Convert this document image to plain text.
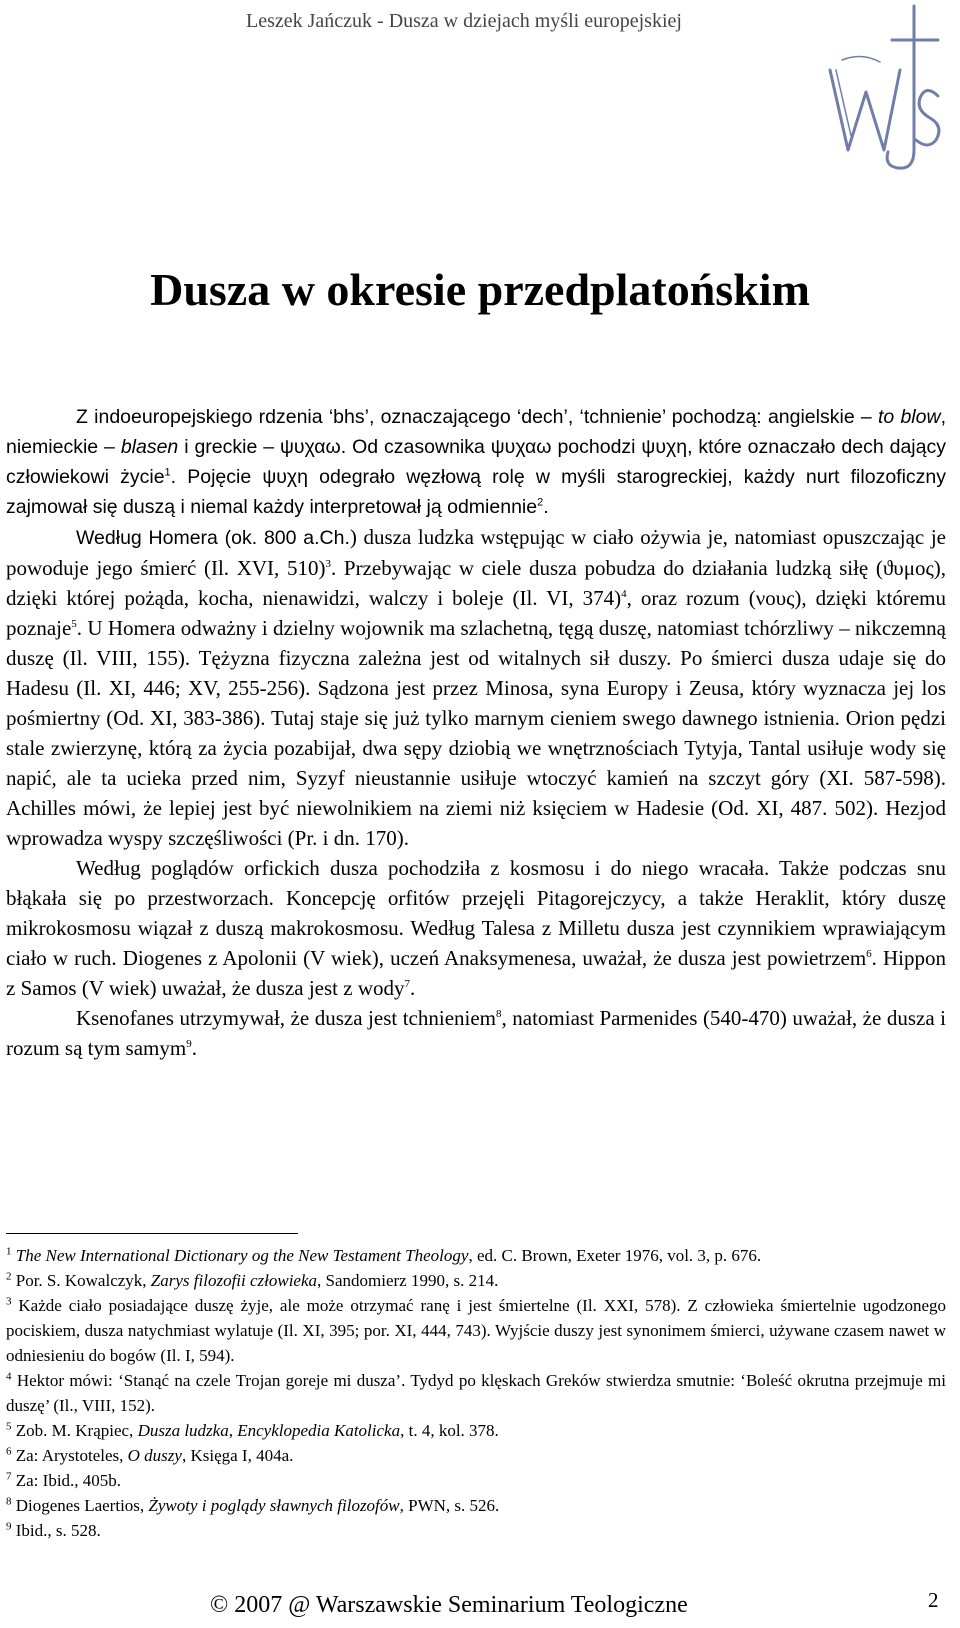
Leszek Jańczuk - Dusza w dziejach myśli europejskiej
Dusza w okresie przedplatońskim

Z indoeuropejskiego rdzenia ‘bhs’, oznaczającego ‘dech’, ‘tchnienie’ pochodzą: angielskie – to blow, niemieckie – blasen i greckie – ψυχαω. Od czasownika ψυχαω pochodzi ψυχη, które oznaczało dech dający człowiekowi życie$^1$. Pojęcie ψυχη odegrało węzłową rolę w myśli starogreckiej, każdy nurt filozoficzny zajmował się duszą i niemal każdy interpretował ją odmiennie$^2$.

Według Homera (ok. 800 a.Ch.) dusza ludzka wstępując w ciało ożywia je, natomiast opuszczając je powoduje jego śmierć (Il. XVI, 510)$^3$. Przebywając w ciele dusza pobudza do działania ludzką siłę (ϑυμος), dzięki której pożąda, kocha, nienawidzi, walczy i boleje (Il. VI, 374)$^4$, oraz rozum (νους), dzięki któremu poznaje$^5$. U Homera odważny i dzielny wojownik ma szlachetną, tęgą duszę, natomiast tchórzliwy – nikczemną duszę (Il. VIII, 155). Tężyzna fizyczna zależna jest od witalnych sił duszy. Po śmierci dusza udaje się do Hadesu (Il. XI, 446; XV, 255-256). Sądzona jest przez Minosa, syna Europy i Zeusa, który wyznacza jej los pośmiertny (Od. XI, 383-386). Tutaj staje się już tylko marnym cieniem swego dawnego istnienia. Orion pędzi stale zwierzynę, którą za życia pozabijał, dwa sępy dziobią we wnętrznościach Tytyja, Tantal usiłuje wody się napić, ale ta ucieka przed nim, Syzyf nieustannie usiłuje wtoczyć kamień na szczyt góry (XI. 587-598). Achilles mówi, że lepiej jest być niewolnikiem na ziemi niż księciem w Hadesie (Od. XI, 487. 502). Hezjod wprowadza wyspy szczęśliwości (Pr. i dn. 170).

Według poglądów orfickich dusza pochodziła z kosmosu i do niego wracała. Także podczas snu błąkała się po przestworzach. Koncepcję orfitów przejęli Pitagorejczycy, a także Heraklit, który duszę mikrokosmosu wiązał z duszą makrokosmosu. Według Talesa z Milletu dusza jest czynnikiem wprawiającym ciało w ruch. Diogenes z Apolonii (V wiek), uczeń Anaksymenesa, uważał, że dusza jest powietrzem$^6$. Hippon z Samos (V wiek) uważał, że dusza jest z wody$^7$.

Ksenofanes utrzymywał, że dusza jest tchnieniem$^8$, natomiast Parmenides (540-470) uważał, że dusza i rozum są tym samym$^9$.

$^1$ The New International Dictionary og the New Testament Theology, ed. C. Brown, Exeter 1976, vol. 3, p. 676.

$^2$ Por. S. Kowalczyk, Zarys filozofii człowieka, Sandomierz 1990, s. 214.

$^3$ Każde ciało posiadające duszę żyje, ale może otrzymać ranę i jest śmiertelne (Il. XXI, 578). Z człowieka śmiertelnie ugodzonego pociskiem, dusza natychmiast wylatuje (Il. XI, 395; por. XI, 444, 743). Wyjście duszy jest synonimem śmierci, używane czasem nawet w odniesieniu do bogów (Il. I, 594).

$^4$ Hektor mówi: ‘Stanąć na czele Trojan goreje mi dusza’. Tydyd po klęskach Greków stwierdza smutnie: ‘Boleść okrutna przejmuje mi duszę’ (Il., VIII, 152).

$^5$ Zob. M. Krąpiec, Dusza ludzka, Encyklopedia Katolicka, t. 4, kol. 378.

$^6$ Za: Arystoteles, O duszy, Księga I, 404a.

$^7$ Za: Ibid., 405b.

$^8$ Diogenes Laertios, Żywoty i poglądy sławnych filozofów, PWN, s. 526.

$^9$ Ibid., s. 528.

© 2007 @ Warszawskie Seminarium Teologiczne	2
